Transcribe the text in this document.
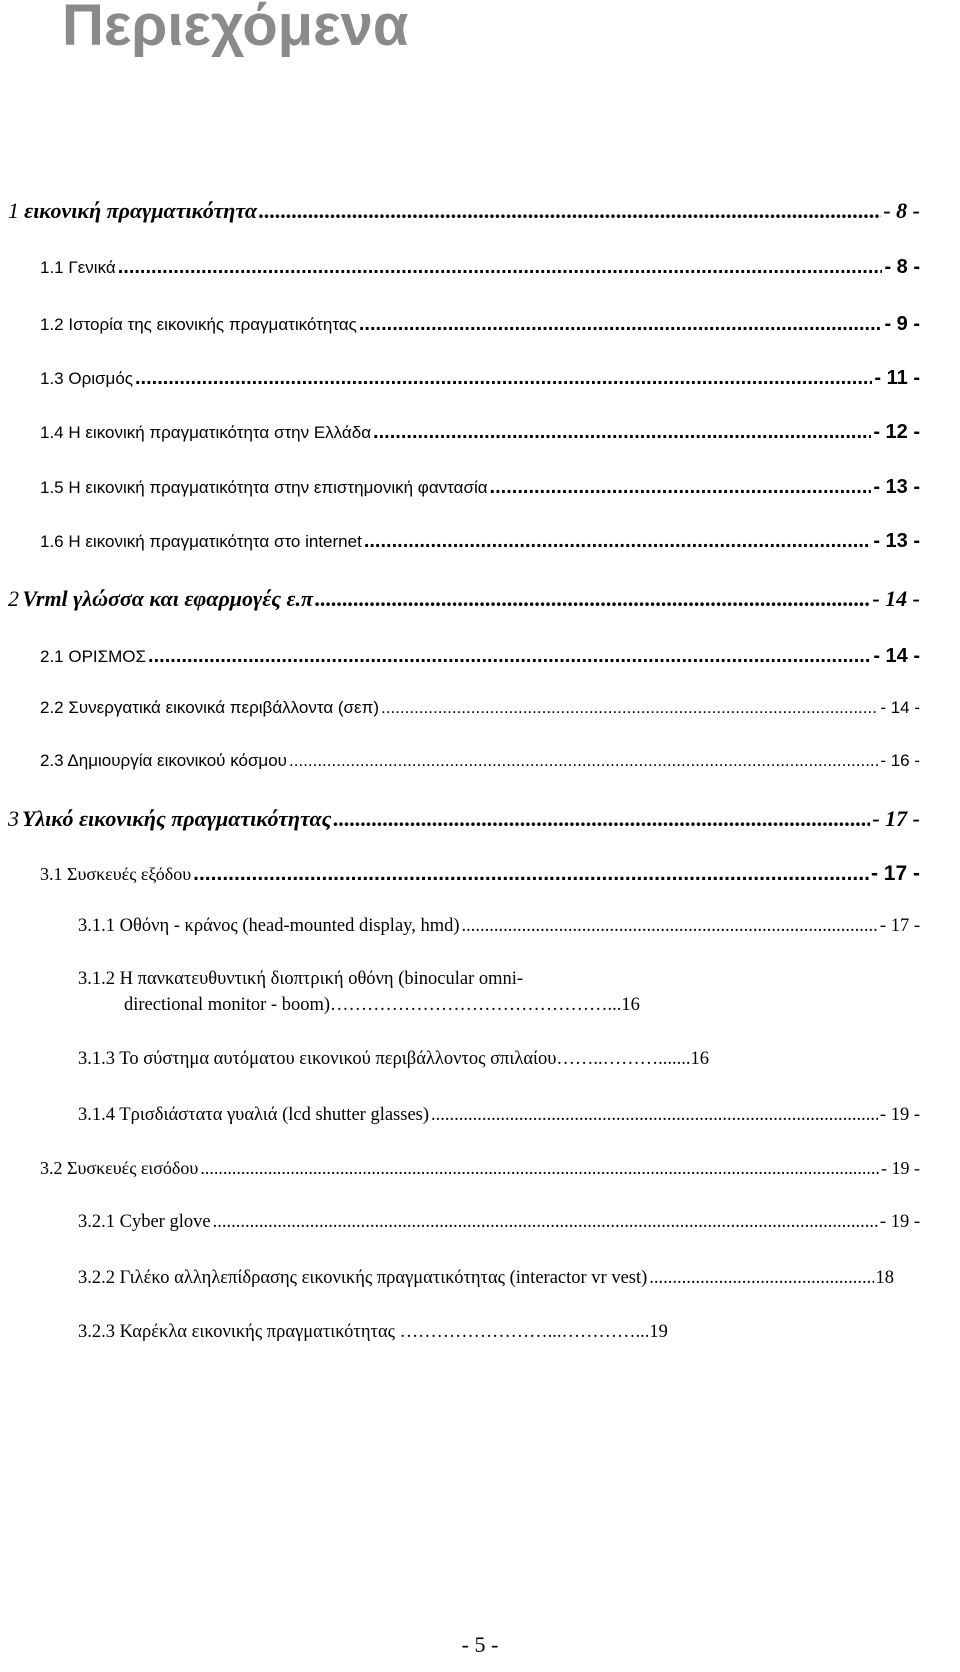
Περιεχόμενα
1 εικονική πραγματικότητα .....	- 8 -
1.1 Γενικά .....	- 8 -
1.2 Ιστορία της εικονικής πραγματικότητας .....	- 9 -
1.3 Ορισμός .....	- 11 -
1.4 Η εικονική πραγματικότητα στην Ελλάδα .....	- 12 -
1.5 Η εικονική πραγματικότητα στην επιστημονική φαντασία .....	- 13 -
1.6 Η εικονική πραγματικότητα στο internet .....	- 13 -
2 Vrml γλώσσα και εφαρμογές ε.π .....	- 14 -
2.1 ΟΡΙΣΜΟΣ .....	- 14 -
2.2 Συνεργατικά εικονικά περιβάλλοντα (σεπ) .....	- 14 -
2.3 Δημιουργία εικονικού κόσμου .....	- 16 -
3 Υλικό εικονικής πραγματικότητας .....	- 17 -
3.1 Συσκευές εξόδου .....	- 17 -
3.1.1 Οθόνη - κράνος (head-mounted display, hmd) .....	- 17 -
3.1.2 Η πανκατευθυντική διοπτρική οθόνη (binocular omni-
directional monitor - boom)………………………………………...16
3.1.3 Το σύστημα αυτόματου εικονικού περιβάλλοντος σπιλαίου……..……….......16
3.1.4 Τρισδιάστατα γυαλιά (lcd shutter glasses) .....	- 19 -
3.2 Συσκευές εισόδου .....	- 19 -
3.2.1 Cyber glove .....	- 19 -
3.2.2 Γιλέκο αλληλεπίδρασης εικονικής πραγματικότητας (interactor vr vest) .....	18
3.2.3 Καρέκλα εικονικής πραγματικότητας ……………………...…………...19
- 5 -
